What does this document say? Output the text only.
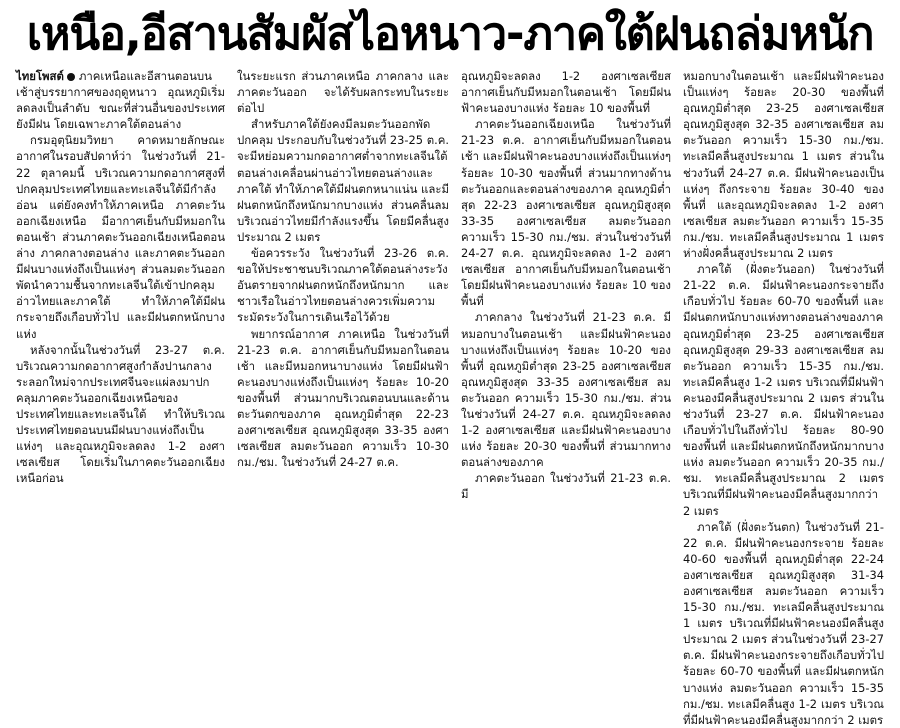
เหนือ,อีสานสัมผัสไอหนาว-ภาคใต้ฝนถล่มหนัก

ไทยโพสต์ ภาคเหนือและอีสานตอนบนเช้าสู่บรรยากาศของฤดูหนาว อุณหภูมิเริ่มลดลงเป็นลำดับ ขณะที่ส่วนอื่นของประเทศยังมีฝน โดยเฉพาะภาคใต้ตอนล่าง

กรมอุตุนิยมวิทยา คาดหมายลักษณะอากาศในรอบสัปดาห์ว่า ในช่วงวันที่ 21-22 ตุลาคมนี้ บริเวณความกดอากาศสูงที่ปกคลุมประเทศไทยและทะเลจีนใต้มีกำลังอ่อน แต่ยังคงทำให้ภาคเหนือ ภาคตะวันออกเฉียงเหนือ มีอากาศเย็นกับมีหมอกในตอนเช้า ส่วนภาคตะวันออกเฉียงเหนือตอนล่าง ภาคกลางตอนล่าง และภาคตะวันออก มีฝนบางแห่งถึงเป็นแห่งๆ ส่วนลมตะวันออกพัดนำความชื้นจากทะเลจีนใต้เข้าปกคลุมอ่าวไทยและภาคใต้ ทำให้ภาคใต้มีฝนกระจายถึงเกือบทั่วไป และมีฝนตกหนักบางแห่ง

หลังจากนั้นในช่วงวันที่ 23-27 ต.ค. บริเวณความกดอากาศสูงกำลังปานกลางระลอกใหม่จากประเทศจีนจะแผ่ลงมาปกคลุมภาคตะวันออกเฉียงเหนือของประเทศไทยและทะเลจีนใต้ ทำให้บริเวณประเทศไทยตอนบนมีฝนบางแห่งถึงเป็นแห่งๆ และอุณหภูมิจะลดลง 1-2 องศาเซลเซียส โดยเริ่มในภาคตะวันออกเฉียงเหนือก่อน

ในระยะแรก ส่วนภาคเหนือ ภาคกลาง และภาคตะวันออก จะได้รับผลกระทบในระยะต่อไป

สำหรับภาคใต้ยังคงมีลมตะวันออกพัดปกคลุม ประกอบกับในช่วงวันที่ 23-25 ต.ค. จะมีหย่อมความกดอากาศต่ำจากทะเลจีนใต้ตอนล่างเคลื่อนผ่านอ่าวไทยตอนล่างและภาคใต้ ทำให้ภาคใต้มีฝนตกหนาแน่น และมีฝนตกหนักถึงหนักมากบางแห่ง ส่วนคลื่นลมบริเวณอ่าวไทยมีกำลังแรงขึ้น โดยมีคลื่นสูงประมาณ 2 เมตร

ข้อควรระวัง ในช่วงวันที่ 23-26 ต.ค. ขอให้ประชาชนบริเวณภาคใต้ตอนล่างระวังอันตรายจากฝนตกหนักถึงหนักมาก และชาวเรือในอ่าวไทยตอนล่างควรเพิ่มความระมัดระวังในการเดินเรือไว้ด้วย

พยากรณ์อากาศ ภาคเหนือ ในช่วงวันที่ 21-23 ต.ค. อากาศเย็นกับมีหมอกในตอนเช้า และมีหมอกหนาบางแห่ง โดยมีฝนฟ้าคะนองบางแห่งถึงเป็นแห่งๆ ร้อยละ 10-20 ของพื้นที่ ส่วนมากบริเวณตอนบนและด้านตะวันตกของภาค อุณหภูมิต่ำสุด 22-23 องศาเซลเซียส อุณหภูมิสูงสุด 33-35 องศาเซลเซียส ลมตะวันออก ความเร็ว 10-30 กม./ชม. ในช่วงวันที่ 24-27 ต.ค.

อุณหภูมิจะลดลง 1-2 องศาเซลเซียส อากาศเย็นกับมีหมอกในตอนเช้า โดยมีฝนฟ้าคะนองบางแห่ง ร้อยละ 10 ของพื้นที่

ภาคตะวันออกเฉียงเหนือ ในช่วงวันที่ 21-23 ต.ค. อากาศเย็นกับมีหมอกในตอนเช้า และมีฝนฟ้าคะนองบางแห่งถึงเป็นแห่งๆ ร้อยละ 10-30 ของพื้นที่ ส่วนมากทางด้านตะวันออกและตอนล่างของภาค อุณหภูมิต่ำสุด 22-23 องศาเซลเซียส อุณหภูมิสูงสุด 33-35 องศาเซลเซียส ลมตะวันออก ความเร็ว 15-30 กม./ชม. ส่วนในช่วงวันที่ 24-27 ต.ค. อุณหภูมิจะลดลง 1-2 องศาเซลเซียส อากาศเย็นกับมีหมอกในตอนเช้า โดยมีฝนฟ้าคะนองบางแห่ง ร้อยละ 10 ของพื้นที่

ภาคกลาง ในช่วงวันที่ 21-23 ต.ค. มีหมอกบางในตอนเช้า และมีฝนฟ้าคะนองบางแห่งถึงเป็นแห่งๆ ร้อยละ 10-20 ของพื้นที่ อุณหภูมิต่ำสุด 23-25 องศาเซลเซียส อุณหภูมิสูงสุด 33-35 องศาเซลเซียส ลมตะวันออก ความเร็ว 15-30 กม./ชม. ส่วนในช่วงวันที่ 24-27 ต.ค. อุณหภูมิจะลดลง 1-2 องศาเซลเซียส และมีฝนฟ้าคะนองบางแห่ง ร้อยละ 20-30 ของพื้นที่ ส่วนมากทางตอนล่างของภาค

ภาคตะวันออก ในช่วงวันที่ 21-23 ต.ค. มี

หมอกบางในตอนเช้า และมีฝนฟ้าคะนองเป็นแห่งๆ ร้อยละ 20-30 ของพื้นที่ อุณหภูมิต่ำสุด 23-25 องศาเซลเซียส อุณหภูมิสูงสุด 32-35 องศาเซลเซียส ลมตะวันออก ความเร็ว 15-30 กม./ชม. ทะเลมีคลื่นสูงประมาณ 1 เมตร ส่วนในช่วงวันที่ 24-27 ต.ค. มีฝนฟ้าคะนองเป็นแห่งๆ ถึงกระจาย ร้อยละ 30-40 ของพื้นที่ และอุณหภูมิจะลดลง 1-2 องศาเซลเซียส ลมตะวันออก ความเร็ว 15-35 กม./ชม. ทะเลมีคลื่นสูงประมาณ 1 เมตร ห่างฝั่งคลื่นสูงประมาณ 2 เมตร

ภาคใต้ (ฝั่งตะวันออก) ในช่วงวันที่ 21-22 ต.ค. มีฝนฟ้าคะนองกระจายถึงเกือบทั่วไป ร้อยละ 60-70 ของพื้นที่ และมีฝนตกหนักบางแห่งทางตอนล่างของภาค อุณหภูมิต่ำสุด 23-25 องศาเซลเซียส อุณหภูมิสูงสุด 29-33 องศาเซลเซียส ลมตะวันออก ความเร็ว 15-35 กม./ชม. ทะเลมีคลื่นสูง 1-2 เมตร บริเวณที่มีฝนฟ้าคะนองมีคลื่นสูงประมาณ 2 เมตร ส่วนในช่วงวันที่ 23-27 ต.ค. มีฝนฟ้าคะนองเกือบทั่วไปในถึงทั่วไป ร้อยละ 80-90 ของพื้นที่ และมีฝนตกหนักถึงหนักมากบางแห่ง ลมตะวันออก ความเร็ว 20-35 กม./ชม. ทะเลมีคลื่นสูงประมาณ 2 เมตร บริเวณที่มีฝนฟ้าคะนองมีคลื่นสูงมากกว่า 2 เมตร

ภาคใต้ (ฝั่งตะวันตก) ในช่วงวันที่ 21-22 ต.ค. มีฝนฟ้าคะนองกระจาย ร้อยละ 40-60 ของพื้นที่ อุณหภูมิต่ำสุด 22-24 องศาเซลเซียส อุณหภูมิสูงสุด 31-34 องศาเซลเซียส ลมตะวันออก ความเร็ว 15-30 กม./ชม. ทะเลมีคลื่นสูงประมาณ 1 เมตร บริเวณที่มีฝนฟ้าคะนองมีคลื่นสูงประมาณ 2 เมตร ส่วนในช่วงวันที่ 23-27 ต.ค. มีฝนฟ้าคะนองกระจายถึงเกือบทั่วไป ร้อยละ 60-70 ของพื้นที่ และมีฝนตกหนักบางแห่ง ลมตะวันออก ความเร็ว 15-35 กม./ชม. ทะเลมีคลื่นสูง 1-2 เมตร บริเวณที่มีฝนฟ้าคะนองมีคลื่นสูงมากกว่า 2 เมตร
